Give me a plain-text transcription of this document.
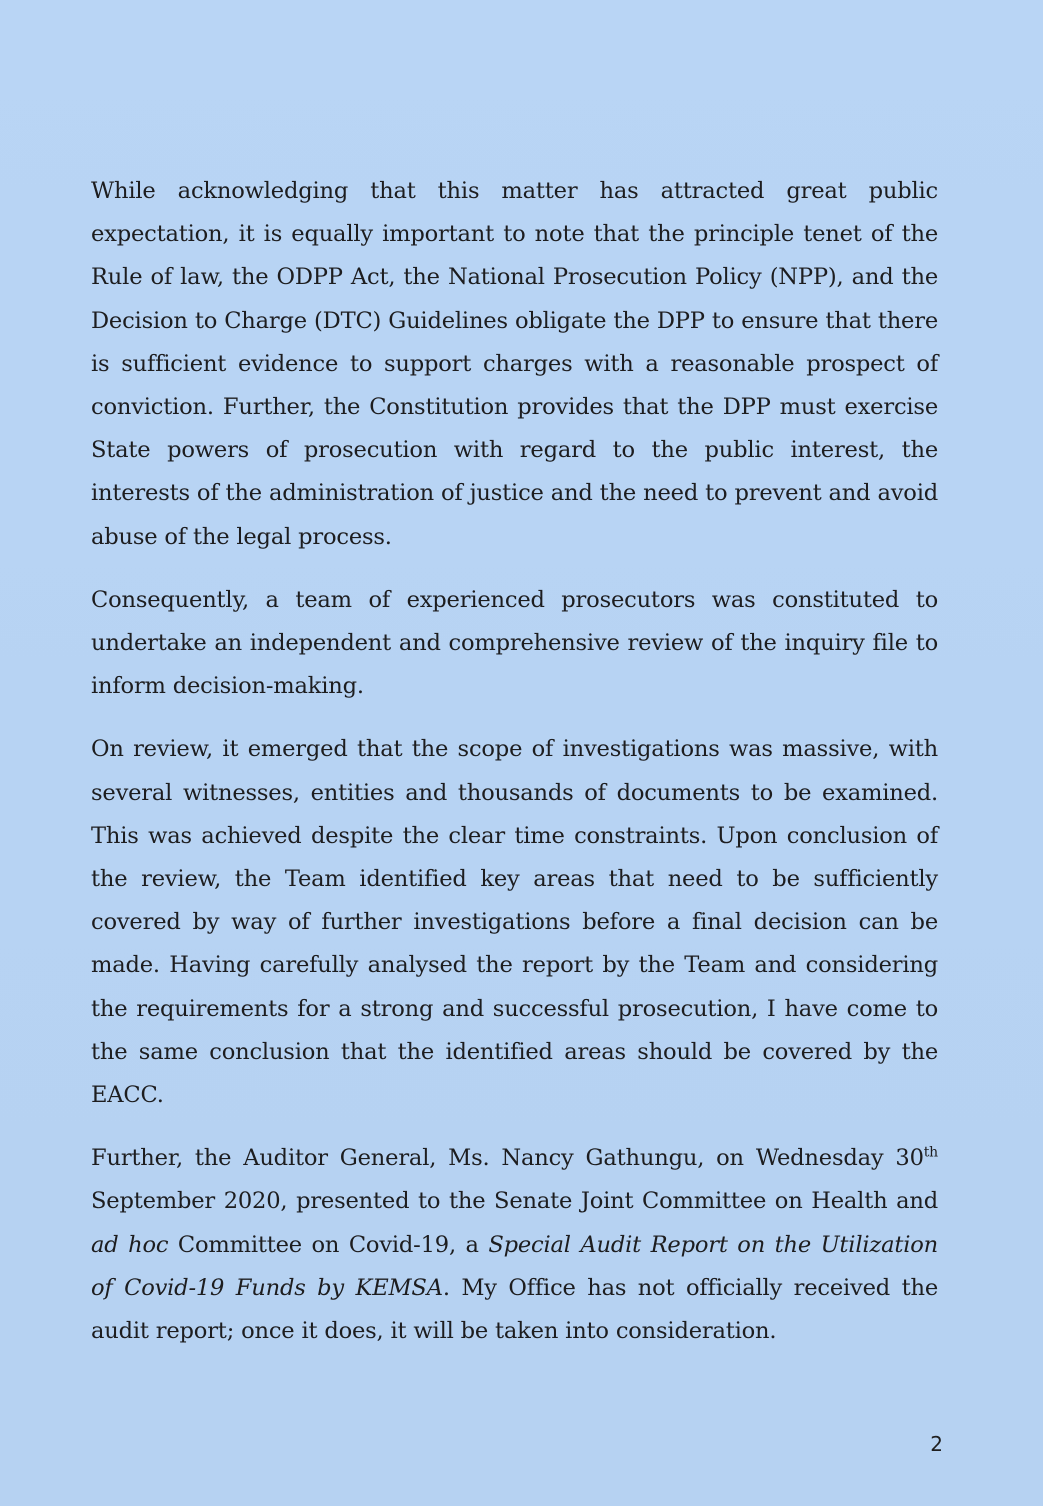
While acknowledging that this matter has attracted great public expectation, it is equally important to note that the principle tenet of the Rule of law, the ODPP Act, the National Prosecution Policy (NPP), and the Decision to Charge (DTC) Guidelines obligate the DPP to ensure that there is sufficient evidence to support charges with a reasonable prospect of conviction. Further, the Constitution provides that the DPP must exercise State powers of prosecution with regard to the public interest, the interests of the administration of justice and the need to prevent and avoid abuse of the legal process.

Consequently, a team of experienced prosecutors was constituted to undertake an independent and comprehensive review of the inquiry file to inform decision-making.

On review, it emerged that the scope of investigations was massive, with several witnesses, entities and thousands of documents to be examined. This was achieved despite the clear time constraints. Upon conclusion of the review, the Team identified key areas that need to be sufficiently covered by way of further investigations before a final decision can be made. Having carefully analysed the report by the Team and considering the requirements for a strong and successful prosecution, I have come to the same conclusion that the identified areas should be covered by the EACC.

Further, the Auditor General, Ms. Nancy Gathungu, on Wednesday 30th September 2020, presented to the Senate Joint Committee on Health and ad hoc Committee on Covid-19, a Special Audit Report on the Utilization of Covid-19 Funds by KEMSA. My Office has not officially received the audit report; once it does, it will be taken into consideration.

2
